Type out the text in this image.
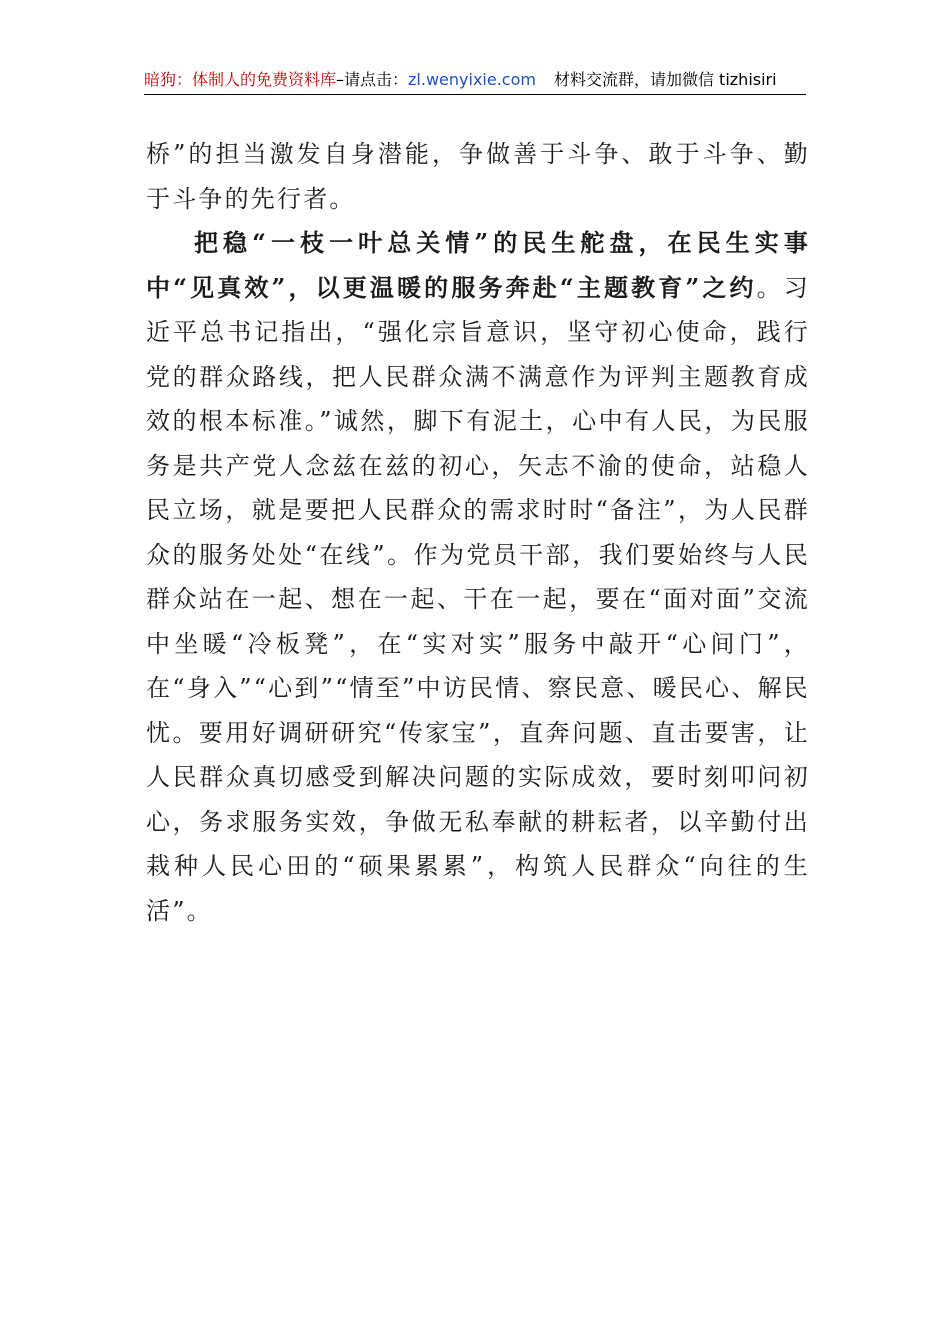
暗狗：体制人的免费资料库–请点击：zl.wenyixie.com 材料交流群，请加微信 tizhisiri

桥”的担当激发自身潜能，争做善于斗争、敢于斗争、勤于斗争的先行者。

把稳“一枝一叶总关情”的民生舵盘，在民生实事中“见真效”，以更温暖的服务奔赴“主题教育”之约。习近平总书记指出，“强化宗旨意识，坚守初心使命，践行党的群众路线，把人民群众满不满意作为评判主题教育成效的根本标准。”诚然，脚下有泥土，心中有人民，为民服务是共产党人念兹在兹的初心，矢志不渝的使命，站稳人民立场，就是要把人民群众的需求时时“备注”，为人民群众的服务处处“在线”。作为党员干部，我们要始终与人民群众站在一起、想在一起、干在一起，要在“面对面”交流中坐暖“冷板凳”，在“实对实”服务中敲开“心间门”，在“身入”“心到”“情至”中访民情、察民意、暖民心、解民忧。要用好调研研究“传家宝”，直奔问题、直击要害，让人民群众真切感受到解决问题的实际成效，要时刻叩问初心，务求服务实效，争做无私奉献的耕耘者，以辛勤付出栽种人民心田的“硕果累累”，构筑人民群众“向往的生活”。
